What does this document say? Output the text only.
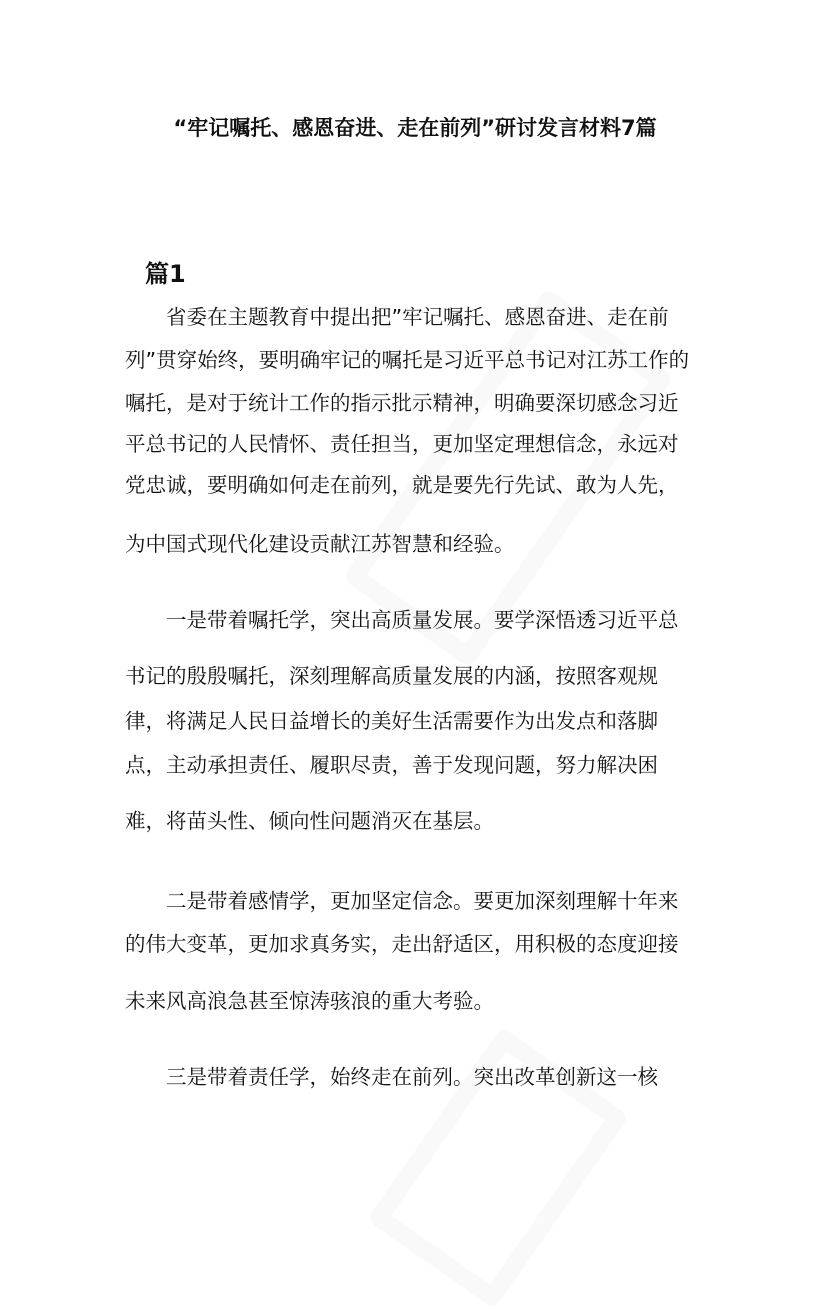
“牢记嘱托、感恩奋进、走在前列”研讨发言材料7篇
篇1
省委在主题教育中提出把”牢记嘱托、感恩奋进、走在前
列”贯穿始终，要明确牢记的嘱托是习近平总书记对江苏工作的
嘱托，是对于统计工作的指示批示精神，明确要深切感念习近
平总书记的人民情怀、责任担当，更加坚定理想信念，永远对
党忠诚，要明确如何走在前列，就是要先行先试、敢为人先，
为中国式现代化建设贡献江苏智慧和经验。
一是带着嘱托学，突出高质量发展。要学深悟透习近平总
书记的殷殷嘱托，深刻理解高质量发展的内涵，按照客观规
律，将满足人民日益增长的美好生活需要作为出发点和落脚
点，主动承担责任、履职尽责，善于发现问题，努力解决困
难，将苗头性、倾向性问题消灭在基层。
二是带着感情学，更加坚定信念。要更加深刻理解十年来
的伟大变革，更加求真务实，走出舒适区，用积极的态度迎接
未来风高浪急甚至惊涛骇浪的重大考验。
三是带着责任学，始终走在前列。突出改革创新这一核
